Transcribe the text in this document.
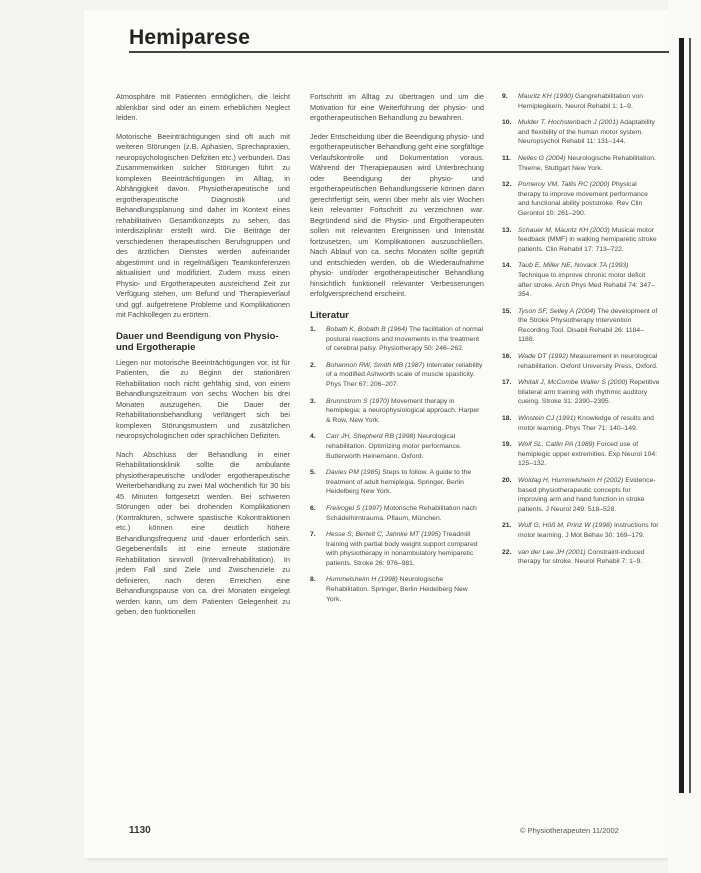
Hemiparese

Atmosphäre mit Patienten ermöglichen, die leicht ablenkbar sind oder an einem erheblichen Neglect leiden.

Motorische Beeinträchtigungen sind oft auch mit weiteren Störungen (z.B. Aphasien, Sprechapraxien, neuropsychologischen Defiziten etc.) verbunden. Das Zusammenwirken solcher Störungen führt zu komplexen Beeinträchtigungen im Alltag, in Abhängigkeit davon. Physiotherapeutische und ergotherapeutische Diagnostik und Behandlungsplanung sind daher im Kontext eines rehabilitativen Gesamtkonzepts zu sehen, das interdisziplinär erstellt wird. Die Beiträge der verschiedenen therapeutischen Berufsgruppen und des ärztlichen Dienstes werden aufeinander abgestimmt und in regelmäßigen Teamkonferenzen aktualisiert und modifiziert. Zudem muss einen Physio- und Ergotherapeuten ausreichend Zeit zur Verfügung stehen, um Befund und Therapieverlauf und ggf. aufgetretene Probleme und Komplikationen mit Fachkollegen zu erörtern.

Dauer und Beendigung von Physio- und Ergotherapie

Liegen nur motorische Beeinträchtigungen vor, ist für Patienten, die zu Beginn der stationären Rehabilitation noch nicht gehfähig sind, von einem Behandlungszeitraum von sechs Wochen bis drei Monaten auszugehen. Die Dauer der Rehabilitationsbehandlung verlängert sich bei komplexen Störungsmustern und zusätzlichen neuropsychologischen oder sprachlichen Defiziten.

Nach Abschluss der Behandlung in einer Rehabilitationsklinik sollte die ambulante physiotherapeutische und/oder ergotherapeutische Weiterbehandlung zu zwei Mal wöchentlich für 30 bis 45 Minuten fortgesetzt werden. Bei schweren Störungen oder bei drohenden Komplikationen (Kontrakturen, schwere spastische Kokontraktionen etc.) können eine deutlich höhere Behandlungsfrequenz und -dauer erforderlich sein. Gegebenenfalls ist eine erneute stationäre Rehabilitation sinnvoll (Intervallrehabilitation). In jedem Fall sind Ziele und Zwischenziele zu definieren, nach deren Erreichen eine Behandlungspause von ca. drei Monaten eingelegt werden kann, um dem Patienten Gelegenheit zu geben, den funktionellen

Fortschritt im Alltag zu übertragen und um die Motivation für eine Weiterführung der physio- und ergotherapeutischen Behandlung zu bewahren.

Jeder Entscheidung über die Beendigung physio- und ergotherapeutischer Behandlung geht eine sorgfältige Verlaufskontrolle und Dokumentation voraus. Während der Therapiepausen wird Unterbrechung oder Beendigung der physio- und ergotherapeutischen Behandlungsserie können dann gerechtfertigt sein, wenn über mehr als vier Wochen kein relevanter Fortschritt zu verzeichnen war. Begründend sind die Physio- und Ergotherapeuten sollen mit relevanten Ereignissen und Intensität fortzusetzen, um Komplikationen auszuschließen. Nach Ablauf von ca. sechs Monaten sollte geprüft und entschieden werden, ob die Wiederaufnahme physio- und/oder ergotherapeutischer Behandlung hinsichtlich funktionell relevanter Verbesserungen erfolgversprechend erscheint.

Literatur
1. Bobath K, Bobath B (1964) The facilitation of normal postural reactions and movements in the treatment of cerebral palsy. Physiotherapy 50: 246–262.
2. Bohannon RW, Smith MB (1987) Interrater reliability of a modified Ashworth scale of muscle spasticity. Phys Ther 67: 206–207.
3. Brunnstrom S (1970) Movement therapy in hemiplegia: a neurophysiological approach. Harper & Row, New York.
4. Carr JH, Shepherd RB (1998) Neurological rehabilitation. Optimizing motor performance. Butterworth Heinemann, Oxford.
5. Davies PM (1985) Steps to follow. A guide to the treatment of adult hemiplegia. Springer, Berlin Heidelberg New York.
6. Freivogel S (1997) Motorische Rehabilitation nach Schädelhirntrauma. Pflaum, München.
7. Hesse S, Bertelt C, Jahnke MT (1995) Treadmill training with partial body weight support compared with physiotherapy in nonambulatory hemiparetic patients. Stroke 26: 976–981.
8. Hummelsheim H (1998) Neurologische Rehabilitation. Springer, Berlin Heidelberg New York.
9. Mauritz KH (1990) Gangrehabilitation von Hemiplegikern. Neurol Rehabil 1: 1–9.
10. Mulder T, Hochstenbach J (2001) Adaptability and flexibility of the human motor system. Neuropsychol Rehabil 11: 131–144.
11. Nelles G (2004) Neurologische Rehabilitation. Thieme, Stuttgart New York.
12. Pomeroy VM, Tallis RC (2000) Physical therapy to improve movement performance and functional ability poststroke. Rev Clin Gerontol 10: 261–290.
13. Schauer M, Mauritz KH (2003) Musical motor feedback (MMF) in walking hemiparetic stroke patients. Clin Rehabil 17: 713–722.
14. Taub E, Miller NE, Novack TA (1993) Technique to improve chronic motor deficit after stroke. Arch Phys Med Rehabil 74: 347–354.
15. Tyson SF, Selley A (2004) The development of the Stroke Physiotherapy Intervention Recording Tool. Disabil Rehabil 26: 1184–1188.
16. Wade DT (1992) Measurement in neurological rehabilitation. Oxford University Press, Oxford.
17. Whitall J, McCombe Waller S (2000) Repetitive bilateral arm training with rhythmic auditory cueing. Stroke 31: 2390–2395.
18. Winstein CJ (1991) Knowledge of results and motor learning. Phys Ther 71: 140–149.
19. Wolf SL, Catlin PA (1989) Forced use of hemiplegic upper extremities. Exp Neurol 104: 125–132.
20. Woldag H, Hummelsheim H (2002) Evidence-based physiotherapeutic concepts for improving arm and hand function in stroke patients. J Neurol 249: 518–528.
21. Wulf G, Höß M, Prinz W (1998) Instructions for motor learning. J Mot Behav 30: 169–179.
22. van der Lee JH (2001) Constraint-induced therapy for stroke. Neurol Rehabil 7: 1–9.
1130	© Physiotherapeuten 11/2002
